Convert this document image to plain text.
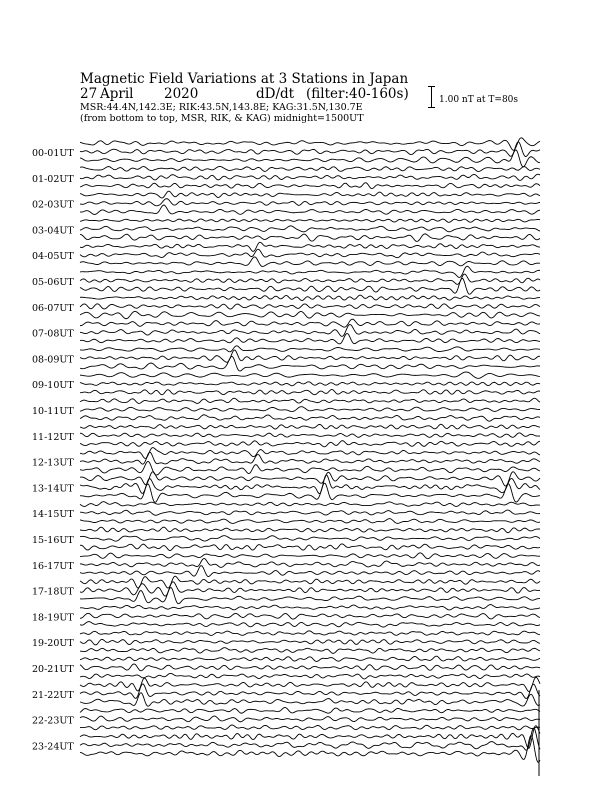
Magnetic Field Variations at 3 Stations in Japan
27 April 2020	dD/dt (filter:40-160s)
MSR:44.4N,142.3E; RIK:43.5N,143.8E; KAG:31.5N,130.7E
(from bottom to top, MSR, RIK, & KAG) midnight=1500UT
1.00 nT at T=80s
00-01UT
01-02UT
02-03UT
03-04UT
04-05UT
05-06UT
06-07UT
07-08UT
08-09UT
09-10UT
10-11UT
11-12UT
12-13UT
13-14UT
14-15UT
15-16UT
16-17UT
17-18UT
18-19UT
19-20UT
20-21UT
21-22UT
22-23UT
23-24UT
